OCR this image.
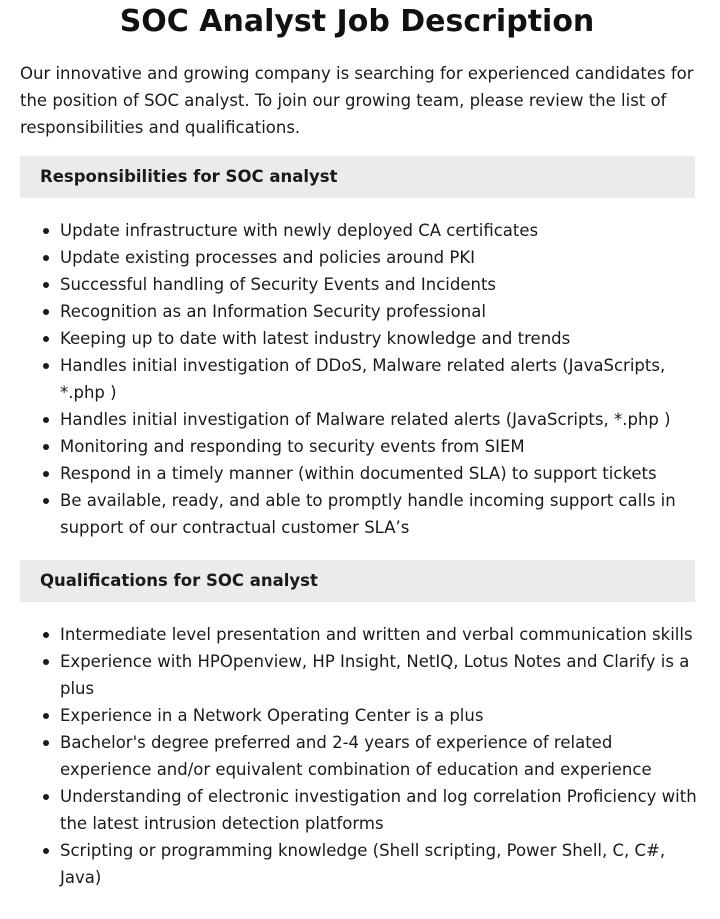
SOC Analyst Job Description

Our innovative and growing company is searching for experienced candidates for the position of SOC analyst. To join our growing team, please review the list of responsibilities and qualifications.

Responsibilities for SOC analyst
Update infrastructure with newly deployed CA certificates
Update existing processes and policies around PKI
Successful handling of Security Events and Incidents
Recognition as an Information Security professional
Keeping up to date with latest industry knowledge and trends
Handles initial investigation of DDoS, Malware related alerts (JavaScripts, *.php )
Handles initial investigation of Malware related alerts (JavaScripts, *.php )
Monitoring and responding to security events from SIEM
Respond in a timely manner (within documented SLA) to support tickets
Be available, ready, and able to promptly handle incoming support calls in support of our contractual customer SLA’s
Qualifications for SOC analyst
Intermediate level presentation and written and verbal communication skills
Experience with HPOpenview, HP Insight, NetIQ, Lotus Notes and Clarify is a plus
Experience in a Network Operating Center is a plus
Bachelor's degree preferred and 2-4 years of experience of related experience and/or equivalent combination of education and experience
Understanding of electronic investigation and log correlation Proficiency with the latest intrusion detection platforms
Scripting or programming knowledge (Shell scripting, Power Shell, C, C#, Java)
